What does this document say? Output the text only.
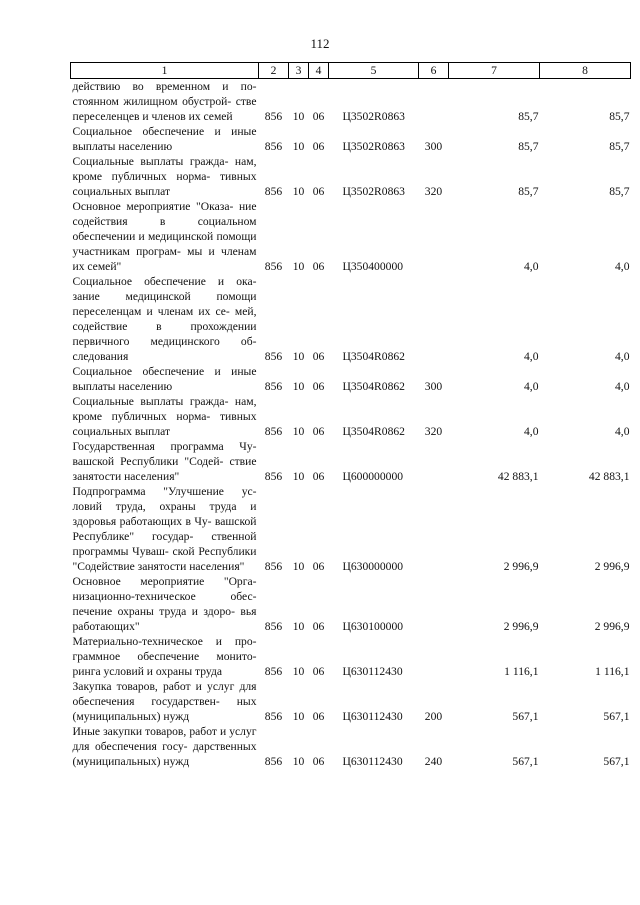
112
1	2	3	4	5	6	7	8
действию во временном и по- стоянном жилищном обустрой- стве переселенцев и членов их семей	856	10	06	Ц3502R0863		85,7	85,7
Социальное обеспечение и иные выплаты населению	856	10	06	Ц3502R0863	300	85,7	85,7
Социальные выплаты гражда- нам, кроме публичных норма- тивных социальных выплат	856	10	06	Ц3502R0863	320	85,7	85,7
Основное мероприятие "Оказа- ние содействия в социальном обеспечении и медицинской помощи участникам програм- мы и членам их семей"	856	10	06	Ц350400000		4,0	4,0
Социальное обеспечение и ока- зание медицинской помощи переселенцам и членам их се- мей, содействие в прохождении первичного медицинского об- следования	856	10	06	Ц3504R0862		4,0	4,0
Социальное обеспечение и иные выплаты населению	856	10	06	Ц3504R0862	300	4,0	4,0
Социальные выплаты гражда- нам, кроме публичных норма- тивных социальных выплат	856	10	06	Ц3504R0862	320	4,0	4,0
Государственная программа Чу- вашской Республики "Содей- ствие занятости населения"	856	10	06	Ц600000000		42 883,1	42 883,1
Подпрограмма "Улучшение ус- ловий труда, охраны труда и здоровья работающих в Чу- вашской Республике" государ- ственной программы Чуваш- ской Республики "Содействие занятости населения"	856	10	06	Ц630000000		2 996,9	2 996,9
Основное мероприятие "Орга- низационно-техническое обес- печение охраны труда и здоро- вья работающих"	856	10	06	Ц630100000		2 996,9	2 996,9
Материально-техническое и про- граммное обеспечение монито- ринга условий и охраны труда	856	10	06	Ц630112430		1 116,1	1 116,1
Закупка товаров, работ и услуг для обеспечения государствен- ных (муниципальных) нужд	856	10	06	Ц630112430	200	567,1	567,1
Иные закупки товаров, работ и услуг для обеспечения госу- дарственных (муниципальных) нужд	856	10	06	Ц630112430	240	567,1	567,1
